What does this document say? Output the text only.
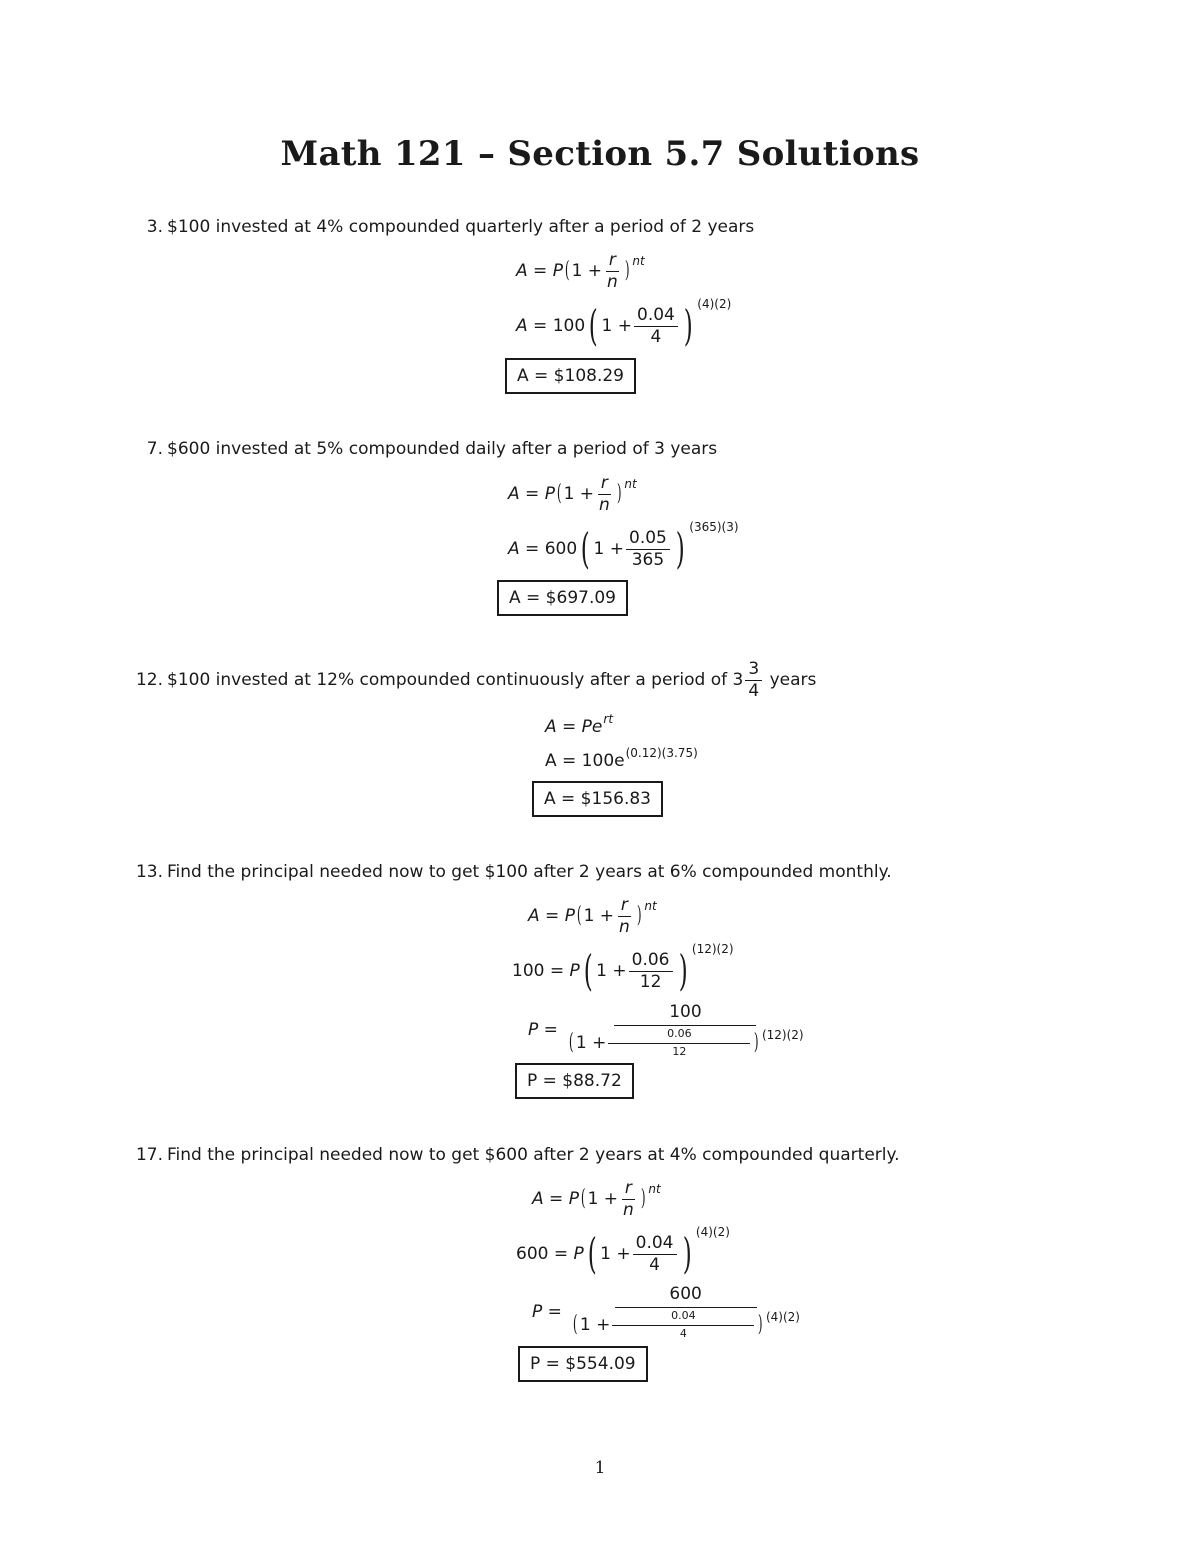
Math 121 – Section 5.7 Solutions
3. $100 invested at 4% compounded quarterly after a period of 2 years
A = P ( $1 + \frac{r}{n}$ ) nt
A = 100 ( $1 + \frac{0.04}{4}$ ) (4)(2)
A = $108.29
7. $600 invested at 5% compounded daily after a period of 3 years
A = P ( $1 + \frac{r}{n}$ ) nt
A = 600 ( $1 + \frac{0.05}{365}$ ) (365)(3)
A = $697.09
12. $100 invested at 12% compounded continuously after a period of $3 \frac{3}{4}$
years
A = Pe rt
A = 100e (0.12)(3.75)
A = $156.83
13. Find the principal needed now to get $100 after 2 years at 6% compounded monthly.
A = P ( $1 + \frac{r}{n}$ ) nt
100 = P ( $1 + \frac{0.06}{12}$ ) (12)(2)
$P = \frac{100}{( 1 + \frac{0.06}{12} ) (12)(2)}$
P = $88.72
17. Find the principal needed now to get $600 after 2 years at 4% compounded quarterly.
A = P ( $1 + \frac{r}{n}$ ) nt
600 = P ( $1 + \frac{0.04}{4}$ ) (4)(2)
$P = \frac{600}{( 1 + \frac{0.04}{4} ) (4)(2)}$
P = $554.09
1
